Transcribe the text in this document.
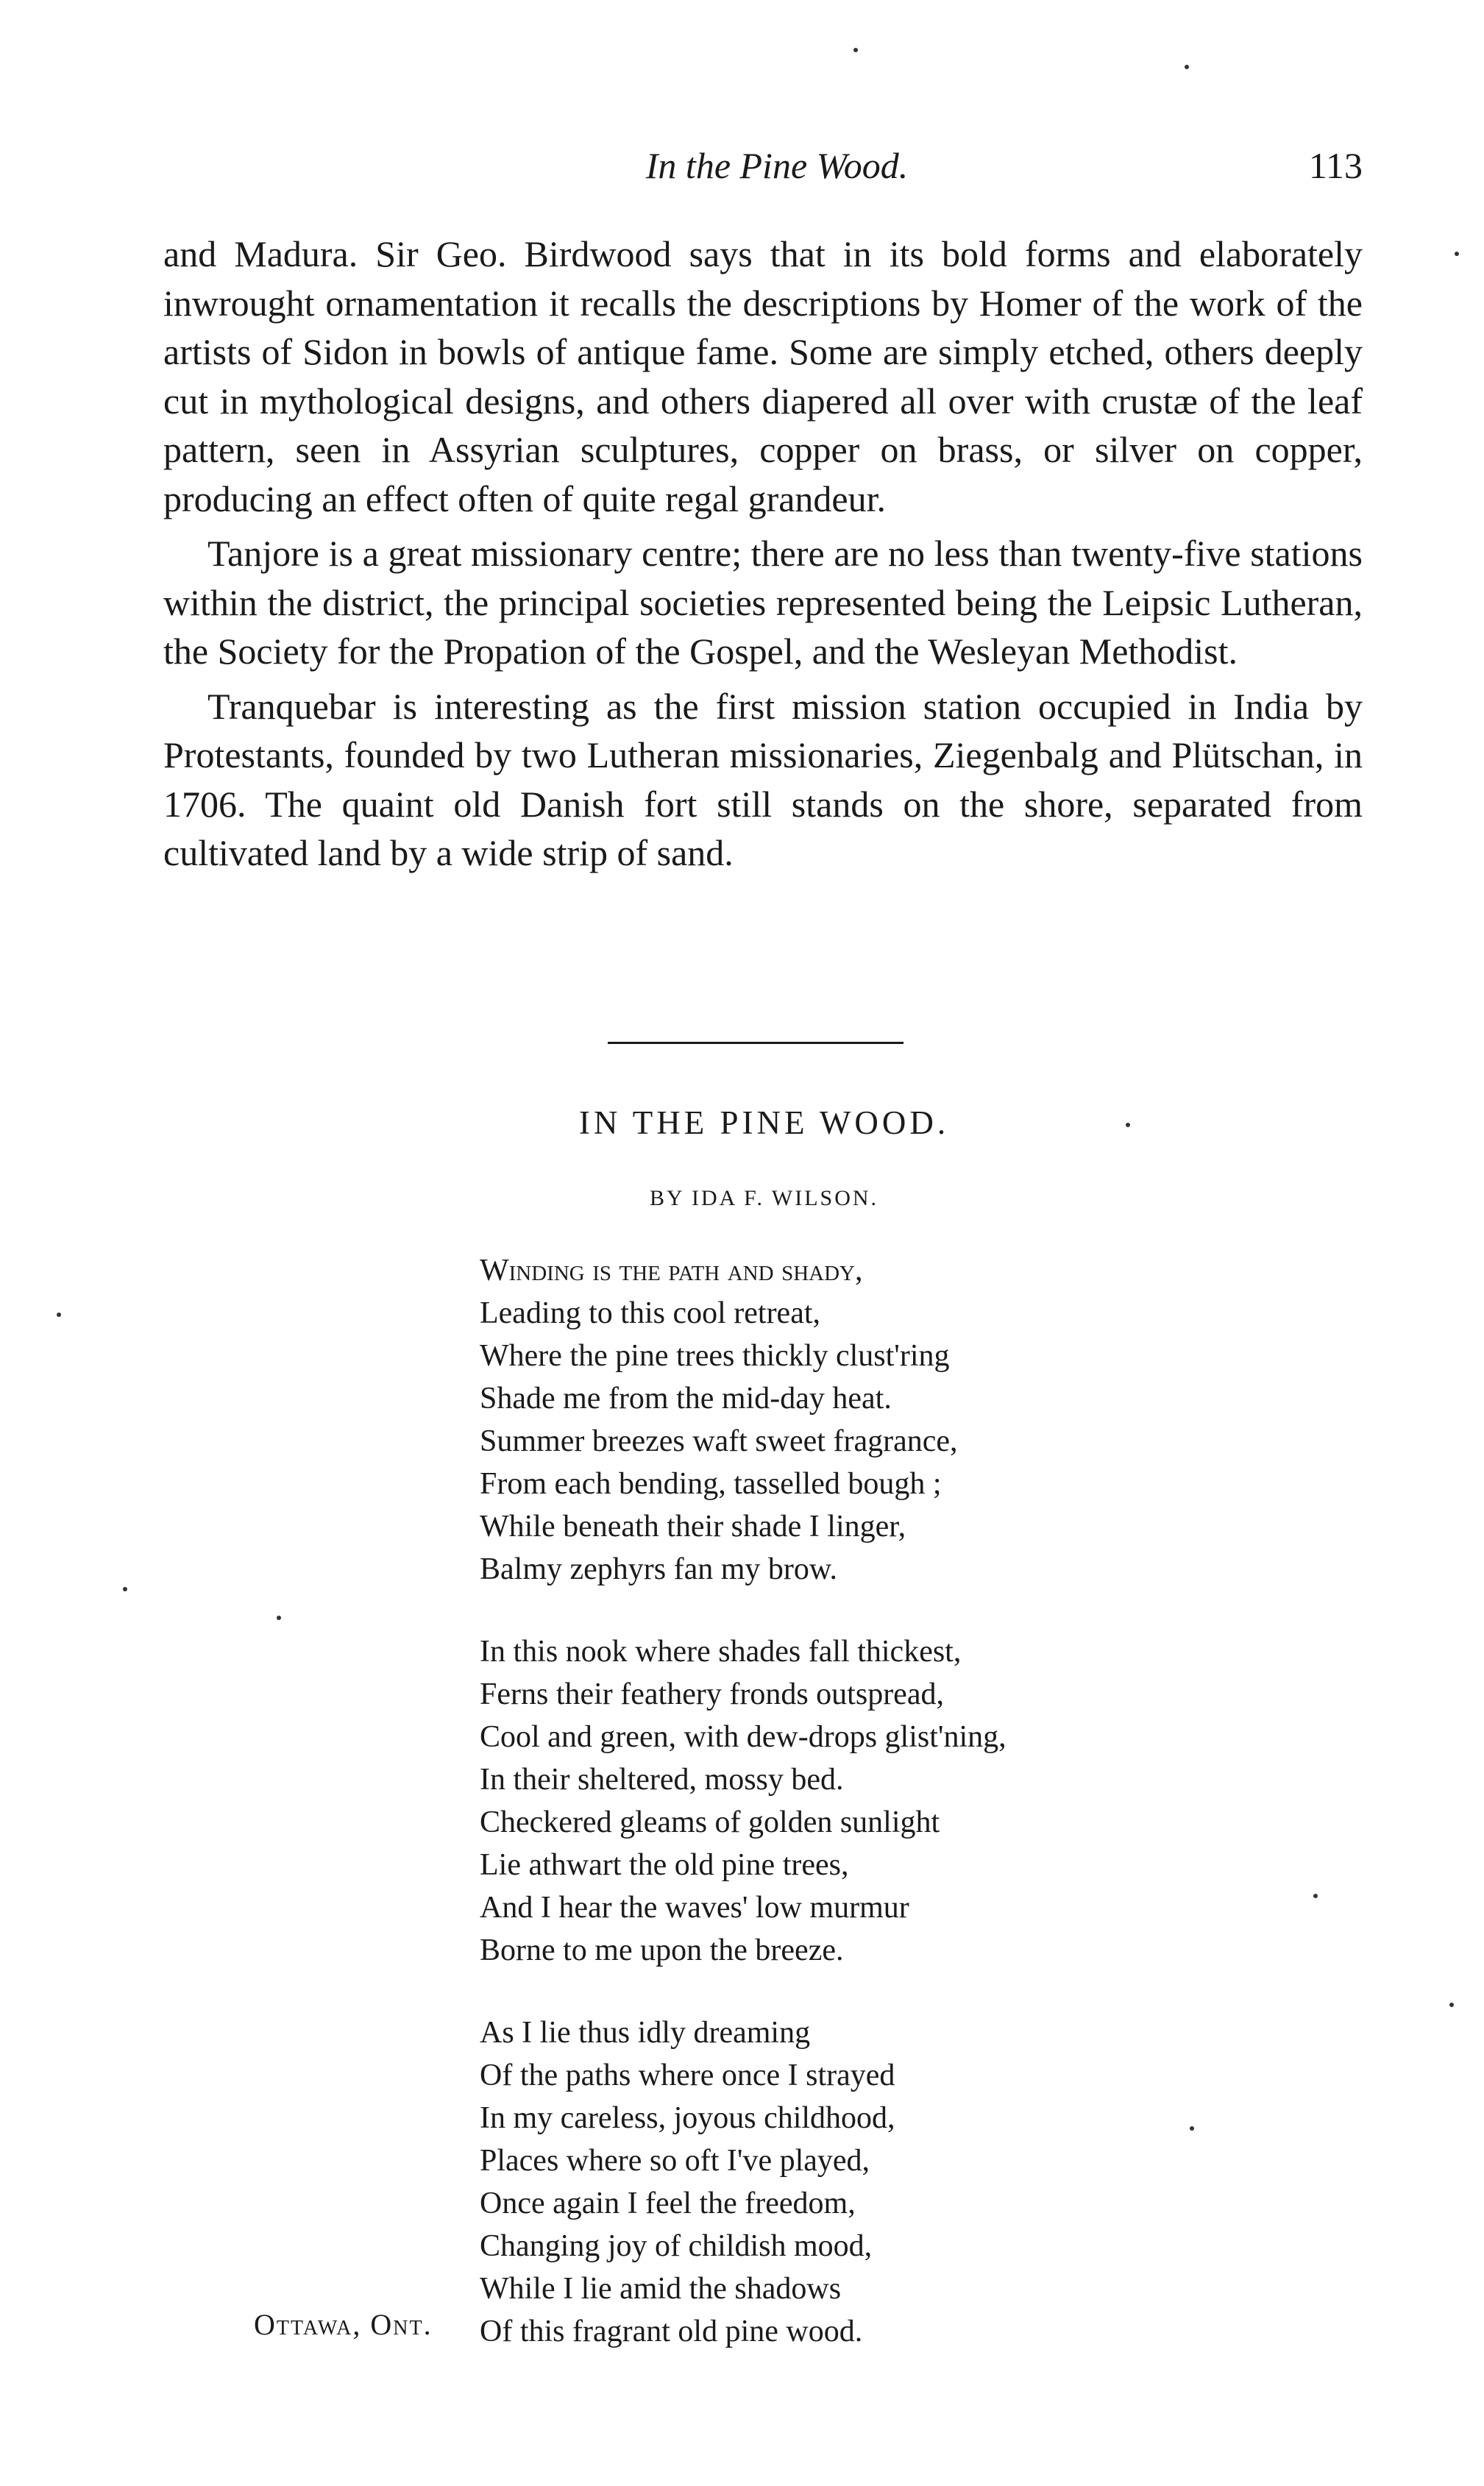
In the Pine Wood.	113

and Madura. Sir Geo. Birdwood says that in its bold forms and elaborately inwrought ornamentation it recalls the descriptions by Homer of the work of the artists of Sidon in bowls of antique fame. Some are simply etched, others deeply cut in mythological designs, and others diapered all over with crustæ of the leaf pattern, seen in Assyrian sculptures, copper on brass, or silver on copper, producing an effect often of quite regal grandeur.

Tanjore is a great missionary centre; there are no less than twenty-five stations within the district, the principal societies represented being the Leipsic Lutheran, the Society for the Propation of the Gospel, and the Wesleyan Methodist.

Tranquebar is interesting as the first mission station occupied in India by Protestants, founded by two Lutheran missionaries, Ziegenbalg and Plütschan, in 1706. The quaint old Danish fort still stands on the shore, separated from cultivated land by a wide strip of sand.

IN THE PINE WOOD.
BY IDA F. WILSON.
Winding is the path and shady,
Leading to this cool retreat,
Where the pine trees thickly clust'ring
Shade me from the mid-day heat.
Summer breezes waft sweet fragrance,
From each bending, tasselled bough ;
While beneath their shade I linger,
Balmy zephyrs fan my brow.
In this nook where shades fall thickest,
Ferns their feathery fronds outspread,
Cool and green, with dew-drops glist'ning,
In their sheltered, mossy bed.
Checkered gleams of golden sunlight
Lie athwart the old pine trees,
And I hear the waves' low murmur
Borne to me upon the breeze.
As I lie thus idly dreaming
Of the paths where once I strayed
In my careless, joyous childhood,
Places where so oft I've played,
Once again I feel the freedom,
Changing joy of childish mood,
While I lie amid the shadows
Of this fragrant old pine wood.
Ottawa, Ont.
